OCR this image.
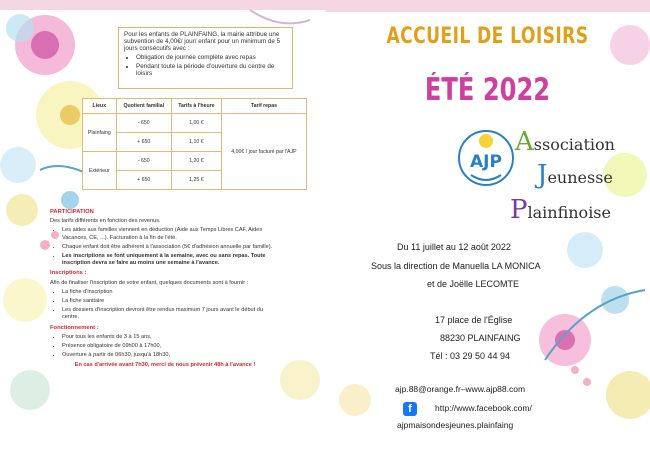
Pour les enfants de PLAINFAING, la mairie attribue une subvention de 4,00€/ jour/ enfant pour un minimum de 5 jours consécutifs avec :

• Obligation de journée complète avec repas
• Pendant toute la période d'ouverture du centre de loisirs
Lieux	Quotient familial	Tarifs à l'heure	Tarif repas
Plainfaing	- 650	1,00 €	4,00€ / jour facturé par l'AJP
	+ 650	1,10 €	
Extérieur	- 650	1,20 €	
	+ 650	1,25 €	
PARTICIPATION

Des tarifs différents en fonction des revenus.

• Les aides aux familles viennent en déduction (Aide aux Temps Libres CAF, Aides Vacances, CE, ...). Facturation à la fin de l'été.
• Chaque enfant doit être adhérent à l'association (5€ d'adhésion annuelle par famille).
• Les inscriptions se font uniquement à la semaine, avec ou sans repas. Toute inscription devra se faire au moins une semaine à l'avance.
Inscriptions :

Afin de finaliser l'inscription de votre enfant, quelques documents sont à fournir :

• La fiche d'inscription
• La fiche sanitaire
• Les dossiers d'inscription devront être rendus maximum 7 jours avant le début du centre.
Fonctionnement :
• Pour tous les enfants de 3 à 15 ans,
• Présence obligatoire de 09h00 à 17h00,
• Ouverture à partir de 06h30, jusqu'à 18h30,
En cas d'arrivée avant 7h30, merci de nous prévenir 48h à l'avance !
ACCUEIL DE LOISIRS
ÉTÉ 2022
AJP
Association
Jeunesse
Plainfinoise
Du 11 juillet au 12 août 2022
Sous la direction de Manuella LA MONICA
et de Joëlle LECOMTE
17 place de l'Église
88230 PLAINFAING
Tél : 03 29 50 44 94
ajp.88@orange.fr–www.ajp88.com
f	http://www.facebook.com/
ajpmaisondesjeunes.plainfaing
